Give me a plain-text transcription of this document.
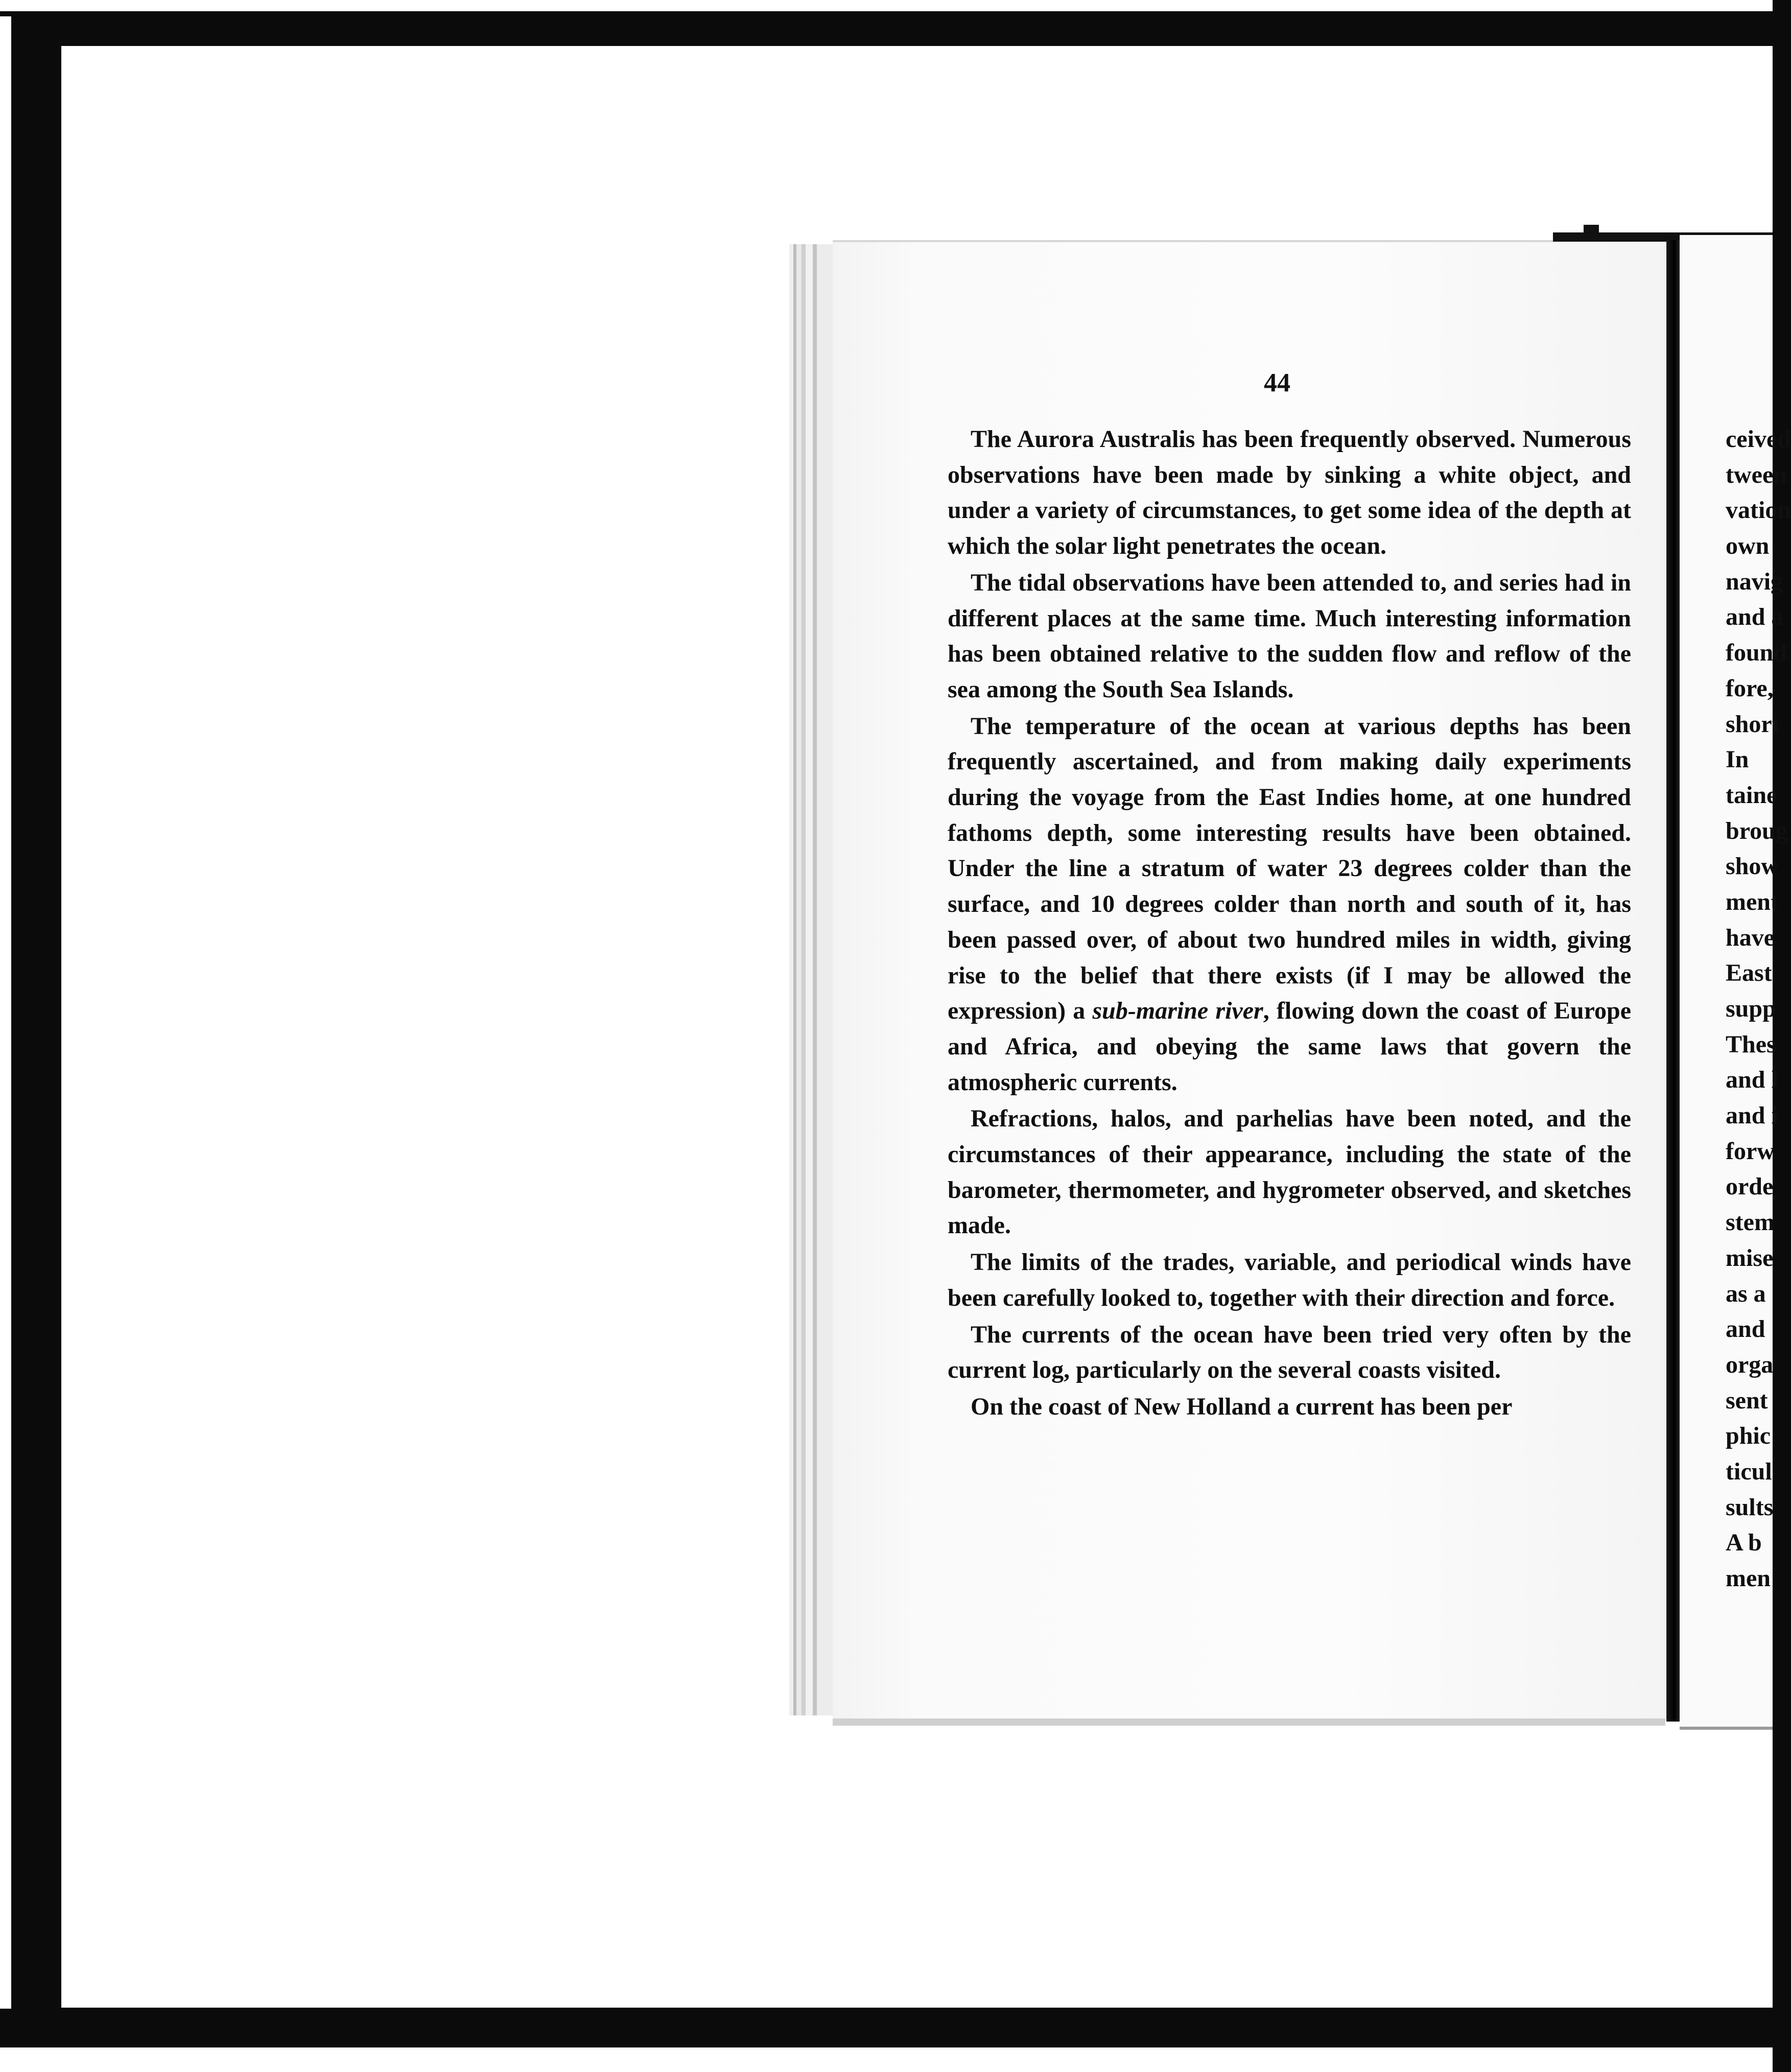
44

The Aurora Australis has been frequently observed. Numerous observations have been made by sinking a white object, and under a variety of circumstances, to get some idea of the depth at which the solar light penetrates the ocean.

The tidal observations have been attended to, and series had in different places at the same time. Much interesting information has been obtained relative to the sudden flow and reflow of the sea among the South Sea Islands.

The temperature of the ocean at various depths has been frequently ascertained, and from making daily experiments during the voyage from the East Indies home, at one hundred fathoms depth, some interesting results have been obtained. Under the line a stratum of water 23 degrees colder than the surface, and 10 degrees colder than north and south of it, has been passed over, of about two hundred miles in width, giving rise to the belief that there exists (if I may be allowed the expression) a sub-marine river, flowing down the coast of Europe and Africa, and obeying the same laws that govern the atmospheric currents.

Refractions, halos, and parhelias have been noted, and the circumstances of their appearance, including the state of the barometer, thermometer, and hygrometer observed, and sketches made.

The limits of the trades, variable, and periodical winds have been carefully looked to, together with their direction and force.

The currents of the ocean have been tried very often by the current log, particularly on the several coasts visited.

On the coast of New Holland a current has been per

ceived
tween
vation
own
navig
and a
found
fore,
short
In
taine
broug
show
ment
have
East
supp
Thes
and l
and i
forw
orde
stem
mise
as a
and
orga
sent
phic
ticul
sults
A b
men
